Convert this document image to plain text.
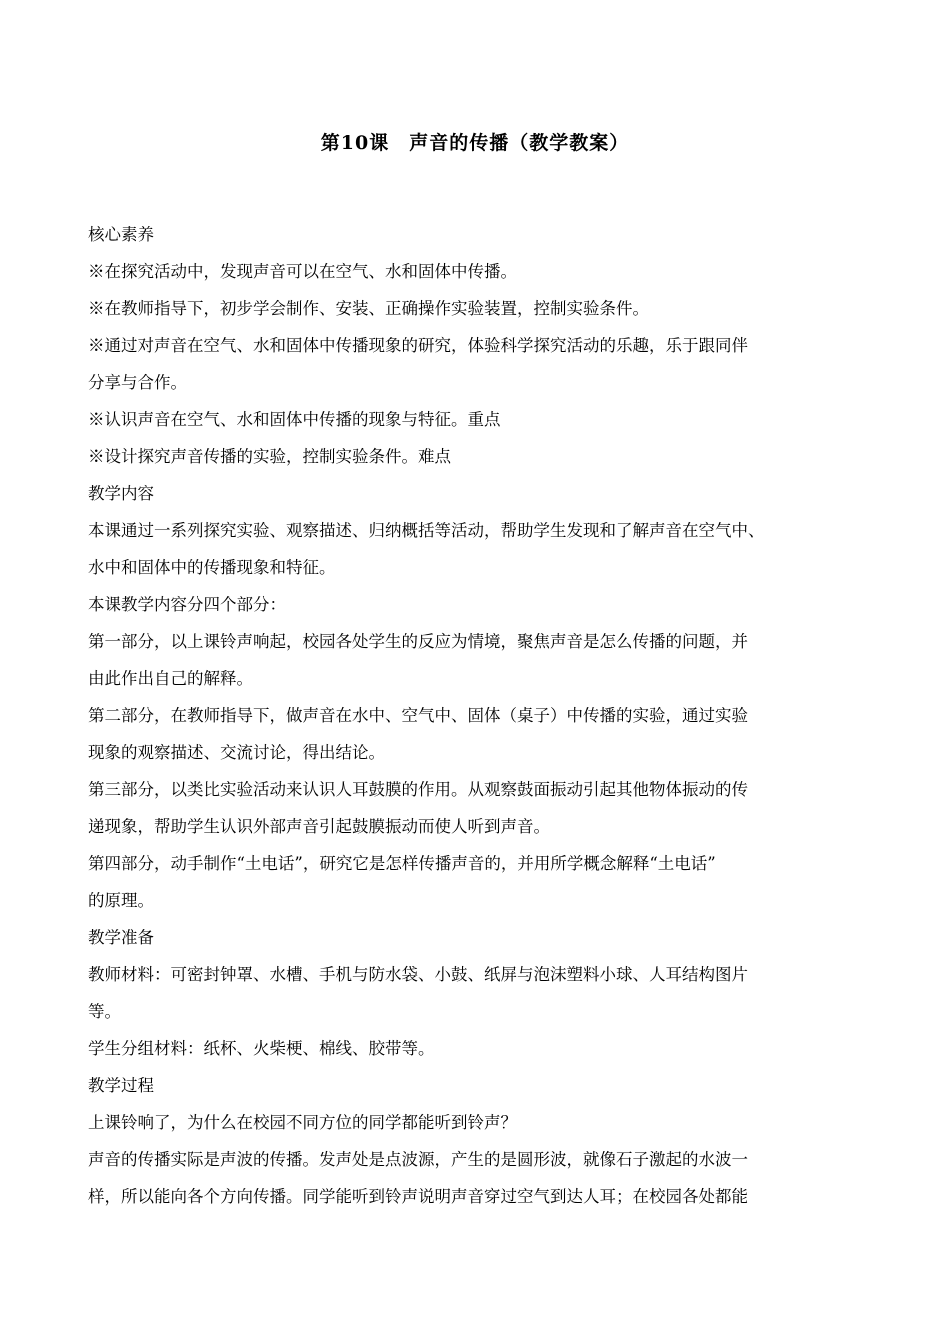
第10课　声音的传播（教学教案）
核心素养
※在探究活动中，发现声音可以在空气、水和固体中传播。
※在教师指导下，初步学会制作、安装、正确操作实验装置，控制实验条件。
※通过对声音在空气、水和固体中传播现象的研究，体验科学探究活动的乐趣，乐于跟同伴
分享与合作。
※认识声音在空气、水和固体中传播的现象与特征。重点
※设计探究声音传播的实验，控制实验条件。难点
教学内容
本课通过一系列探究实验、观察描述、归纳概括等活动，帮助学生发现和了解声音在空气中、
水中和固体中的传播现象和特征。
本课教学内容分四个部分：
第一部分，以上课铃声响起，校园各处学生的反应为情境，聚焦声音是怎么传播的问题，并
由此作出自己的解释。
第二部分，在教师指导下，做声音在水中、空气中、固体（桌子）中传播的实验，通过实验
现象的观察描述、交流讨论，得出结论。
第三部分，以类比实验活动来认识人耳鼓膜的作用。从观察鼓面振动引起其他物体振动的传
递现象，帮助学生认识外部声音引起鼓膜振动而使人听到声音。
第四部分，动手制作“土电话”，研究它是怎样传播声音的，并用所学概念解释“土电话”
的原理。
教学准备
教师材料：可密封钟罩、水槽、手机与防水袋、小鼓、纸屏与泡沫塑料小球、人耳结构图片
等。
学生分组材料：纸杯、火柴梗、棉线、胶带等。
教学过程
上课铃响了，为什么在校园不同方位的同学都能听到铃声？
声音的传播实际是声波的传播。发声处是点波源，产生的是圆形波，就像石子激起的水波一
样，所以能向各个方向传播。同学能听到铃声说明声音穿过空气到达人耳；在校园各处都能
